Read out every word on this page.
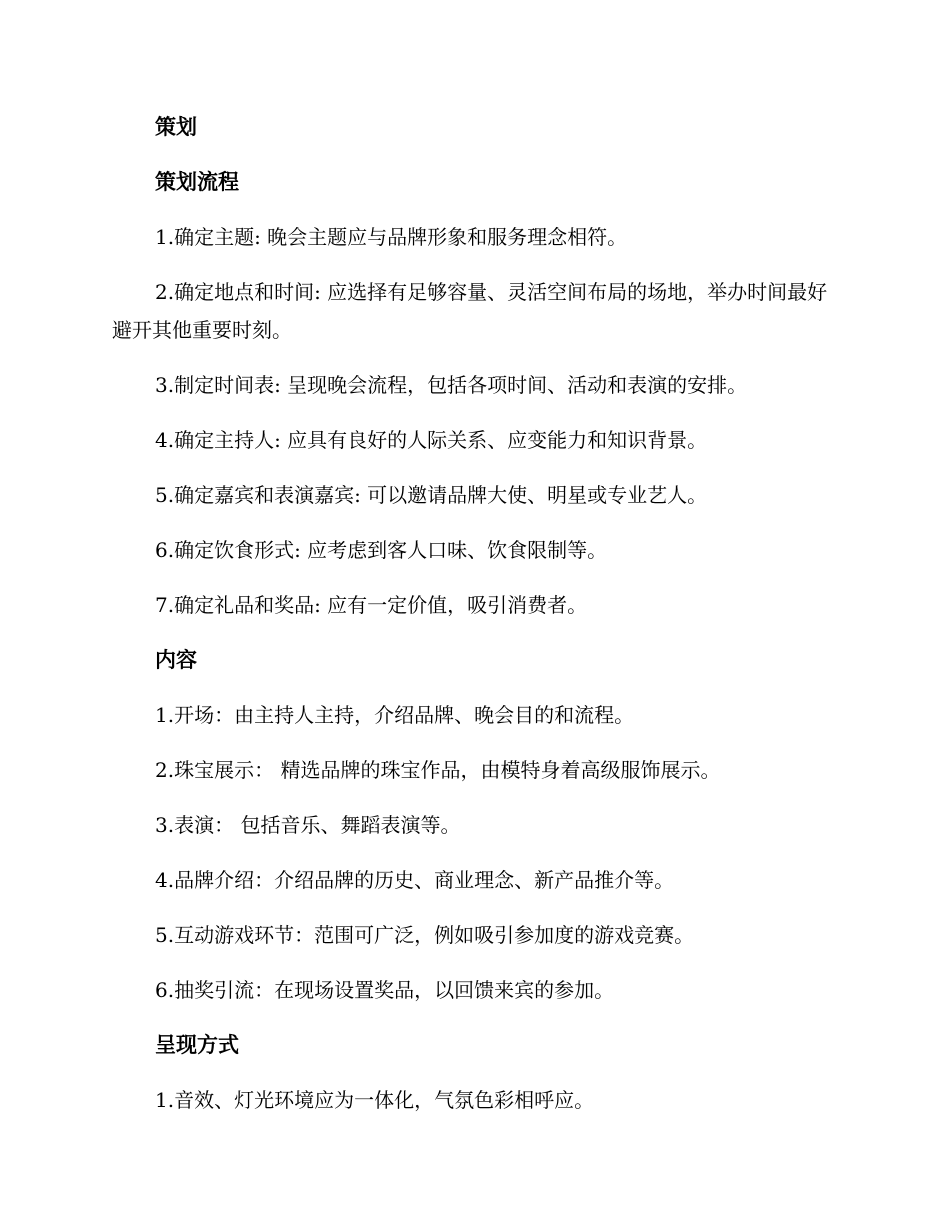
策划
策划流程

1.确定主题: 晚会主题应与品牌形象和服务理念相符。

2.确定地点和时间: 应选择有足够容量、灵活空间布局的场地，举办时间最好避开其他重要时刻。

3.制定时间表: 呈现晚会流程，包括各项时间、活动和表演的安排。

4.确定主持人: 应具有良好的人际关系、应变能力和知识背景。

5.确定嘉宾和表演嘉宾: 可以邀请品牌大使、明星或专业艺人。

6.确定饮食形式: 应考虑到客人口味、饮食限制等。

7.确定礼品和奖品: 应有一定价值，吸引消费者。

内容

1.开场：由主持人主持，介绍品牌、晚会目的和流程。

2.珠宝展示： 精选品牌的珠宝作品，由模特身着高级服饰展示。

3.表演： 包括音乐、舞蹈表演等。

4.品牌介绍：介绍品牌的历史、商业理念、新产品推介等。

5.互动游戏环节：范围可广泛，例如吸引参加度的游戏竞赛。

6.抽奖引流：在现场设置奖品，以回馈来宾的参加。

呈现方式

1.音效、灯光环境应为一体化，气氛色彩相呼应。
